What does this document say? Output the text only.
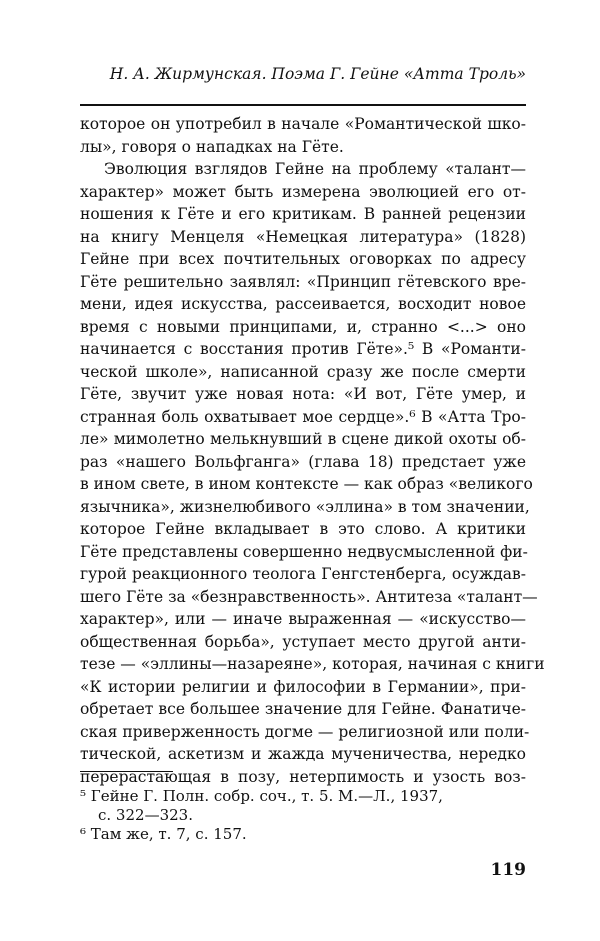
Н. А. Жирмунская. Поэма Г. Гейне «Атта Троль»
которое он употребил в начале «Романтической шко-
лы», говоря о нападках на Гёте.
Эволюция взглядов Гейне на проблему «талант—
характер» может быть измерена эволюцией его от-
ношения к Гёте и его критикам. В ранней рецензии
на книгу Менцеля «Немецкая литература» (1828)
Гейне при всех почтительных оговорках по адресу
Гёте решительно заявлял: «Принцип гётевского вре-
мени, идея искусства, рассеивается, восходит новое
время с новыми принципами, и, странно <...> оно
начинается с восстания против Гёте».⁵ В «Романти-
ческой школе», написанной сразу же после смерти
Гёте, звучит уже новая нота: «И вот, Гёте умер, и
странная боль охватывает мое сердце».⁶ В «Атта Тро-
ле» мимолетно мелькнувший в сцене дикой охоты об-
раз «нашего Вольфганга» (глава 18) предстает уже
в ином свете, в ином контексте — как образ «великого
язычника», жизнелюбивого «эллина» в том значении,
которое Гейне вкладывает в это слово. А критики
Гёте представлены совершенно недвусмысленной фи-
гурой реакционного теолога Генгстенберга, осуждав-
шего Гёте за «безнравственность». Антитеза «талант—
характер», или — иначе выраженная — «искусство—
общественная борьба», уступает место другой анти-
тезе — «эллины—назареяне», которая, начиная с книги
«К истории религии и философии в Германии», при-
обретает все большее значение для Гейне. Фанатиче-
ская приверженность догме — религиозной или поли-
тической, аскетизм и жажда мученичества, нередко
перерастающая в позу, нетерпимость и узость воз-
⁵ Гейне Г. Полн. собр. соч., т. 5. М.—Л., 1937,
с. 322—323.
⁶ Там же, т. 7, с. 157.
119
